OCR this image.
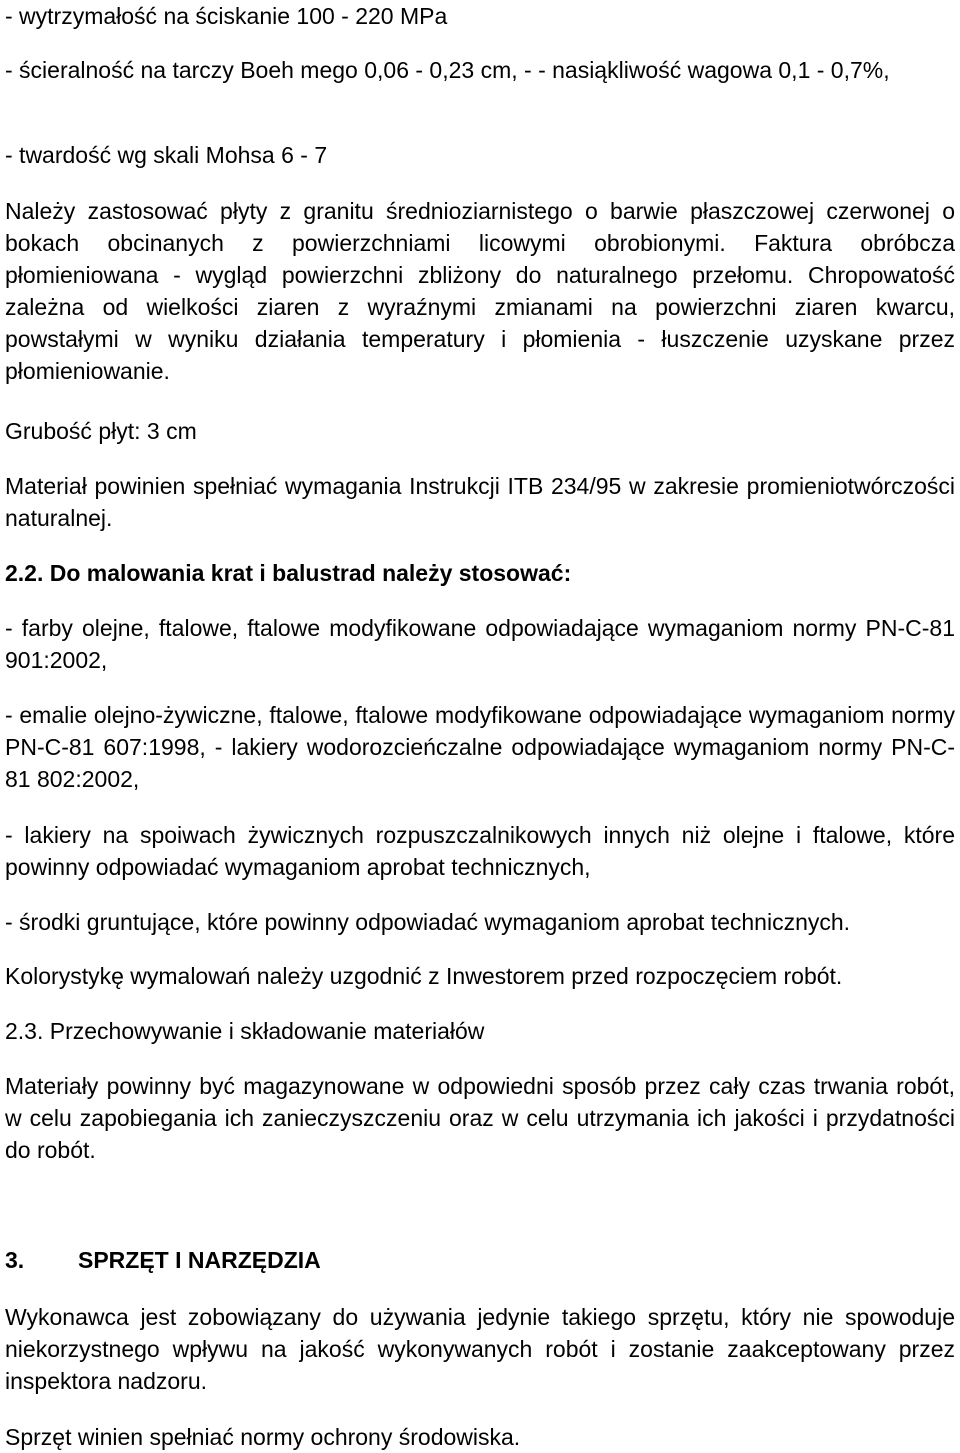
- wytrzymałość na ściskanie 100 - 220 MPa

- ścieralność na tarczy Boeh mego 0,06 - 0,23 cm, - - nasiąkliwość wagowa 0,1 - 0,7%,

- twardość wg skali Mohsa 6 - 7

Należy zastosować płyty z granitu średnioziarnistego o barwie płaszczowej czerwonej o bokach obcinanych z powierzchniami licowymi obrobionymi. Faktura obróbcza płomieniowana - wygląd powierzchni zbliżony do naturalnego przełomu. Chropowatość zależna od wielkości ziaren z wyraźnymi zmianami na powierzchni ziaren kwarcu, powstałymi w wyniku działania temperatury i płomienia - łuszczenie uzyskane przez płomieniowanie.

Grubość płyt: 3 cm

Materiał powinien spełniać wymagania Instrukcji ITB 234/95 w zakresie promieniotwórczości naturalnej.

2.2. Do malowania krat i balustrad należy stosować:

- farby olejne, ftalowe, ftalowe modyfikowane odpowiadające wymaganiom normy PN-C-81 901:2002,

- emalie olejno-żywiczne, ftalowe, ftalowe modyfikowane odpowiadające wymaganiom normy PN-C-81 607:1998, - lakiery wodorozcieńczalne odpowiadające wymaganiom normy PN-C-81 802:2002,

- lakiery na spoiwach żywicznych rozpuszczalnikowych innych niż olejne i ftalowe, które powinny odpowiadać wymaganiom aprobat technicznych,

- środki gruntujące, które powinny odpowiadać wymaganiom aprobat technicznych.

Kolorystykę wymalowań należy uzgodnić z Inwestorem przed rozpoczęciem robót.

2.3. Przechowywanie i składowanie materiałów

Materiały powinny być magazynowane w odpowiedni sposób przez cały czas trwania robót, w celu zapobiegania ich zanieczyszczeniu oraz w celu utrzymania ich jakości i przydatności do robót.

3. SPRZĘT I NARZĘDZIA

Wykonawca jest zobowiązany do używania jedynie takiego sprzętu, który nie spowoduje niekorzystnego wpływu na jakość wykonywanych robót i zostanie zaakceptowany przez inspektora nadzoru.

Sprzęt winien spełniać normy ochrony środowiska.
